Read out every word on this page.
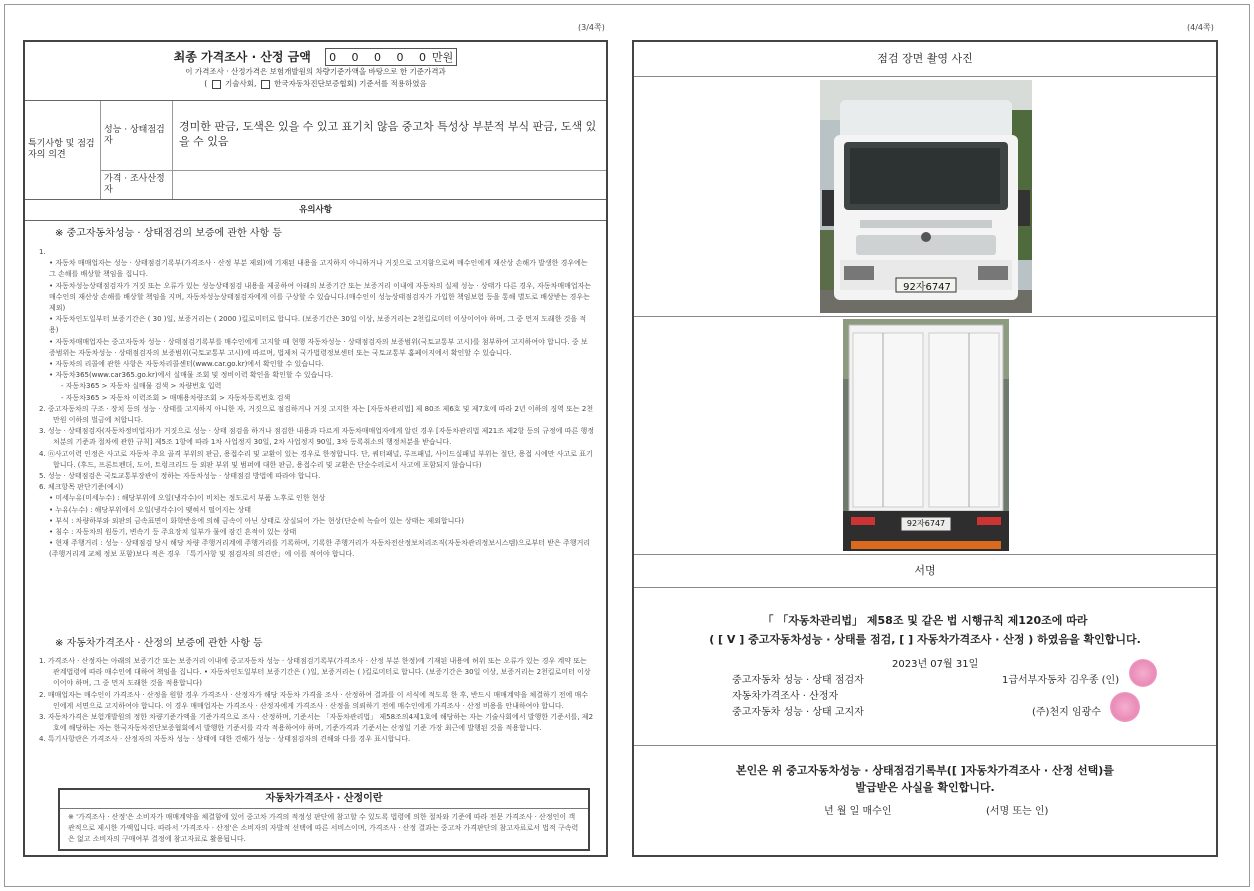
(3/4쪽)	(4/4쪽)
최종 가격조사 · 산정 금액 0 0 0 0 0만원
이 가격조사 · 산정가격은 보험개발원의 차량기준가액을 바탕으로 한 기준가격과
( 기술사회, 한국자동차진단보증협회) 기준서를 적용하였음
특기사항 및 점검자의 의견
성능 · 상태점검자
경미한 판금, 도색은 있을 수 있고 표기치 않음 중고차 특성상 부분적 부식 판금, 도색 있을 수 있음
가격 · 조사산정자
유의사항
※ 중고자동차성능 · 상태점검의 보증에 관한 사항 등

1.

• 자동차 매매업자는 성능 · 상태점검기록부(가격조사 · 산정 부분 제외)에 기재된 내용을 고지하지 아니하거나 거짓으로 고지함으로써 매수인에게 재산상 손해가 발생한 경우에는 그 손해를 배상할 책임을 집니다.

• 자동차성능상태점검자가 거짓 또는 오류가 있는 성능상태점검 내용을 제공하여 아래의 보증기간 또는 보증거리 이내에 자동차의 실제 성능 · 상태가 다른 경우, 자동차매매업자는 매수인의 재산상 손해를 배상할 책임을 지며, 자동차성능상태점검자에게 이를 구상할 수 있습니다.(매수인이 성능상태점검자가 가입한 책임보험 등을 통해 별도로 배상받는 경우는 제외)

• 자동차인도일부터 보증기간은 ( 30 )일, 보증거리는 ( 2000 )킬로미터로 합니다. (보증기간은 30일 이상, 보증거리는 2천킬로미터 이상이어야 하며, 그 중 먼저 도래한 것을 적용)

• 자동차매매업자는 중고자동차 성능 · 상태점검기록부를 매수인에게 고지할 때 현행 자동차성능 · 상태점검자의 보증범위(국토교통부 고시)를 첨부하여 고지하여야 합니다. 중 보증범위는 자동차성능 · 상태점검자의 보증범위(국토교통부 고시)에 따르며, 법제처 국가법령정보센터 또는 국토교통부 홈페이지에서 확인할 수 있습니다.

• 자동차의 리콜에 관한 사항은 자동차리콜센터(www.car.go.kr)에서 확인할 수 있습니다.

• 자동차365(www.car365.go.kr)에서 실매물 조회 및 정비이력 확인을 확인할 수 있습니다.

- 자동차365 > 자동차 실매물 검색 > 차량번호 입력

- 자동차365 > 자동차 이력조회 > 매매용차량조회 > 자동차등록번호 검색

2. 중고자동차의 구조 · 장치 등의 성능 · 상태를 고지하지 아니한 자, 거짓으로 점검하거나 거짓 고지한 자는 [자동차관리법] 제 80조 제6호 및 제7호에 따라 2년 이하의 징역 또는 2천만원 이하의 벌금에 처합니다.

3. 성능 · 상태점검자(자동차정비업자)가 거짓으로 성능 · 상태 점검을 하거나 점검한 내용과 다르게 자동차매매업자에게 알린 경우 [자동차관리법 제21조 제2항 등의 규정에 따른 행정처분의 기준과 절차에 관한 규칙] 제5조 1항에 따라 1차 사업정지 30일, 2차 사업정지 90일, 3차 등록취소의 행정처분을 받습니다.

4. ⓝ사고이력 인정은 사고로 자동차 주요 골격 부위의 판금, 용접수리 및 교환이 있는 경우로 한정합니다. 단, 쿼터패널, 루프패널, 사이드실패널 부위는 절단, 용접 시에만 사고로 표기합니다. (후드, 프론트펜더, 도어, 트렁크리드 등 외판 부위 및 범퍼에 대한 판금, 용접수리 및 교환은 단순수리로서 사고에 포함되지 않습니다)

5. 성능 · 상태점검은 국토교통부장관이 정하는 자동차성능 · 상태점검 방법에 따라야 합니다.

6. 체크항목 판단기준(예시)

• 미세누유(미세누수) : 해당부위에 오일(냉각수)이 비치는 정도로서 부품 노후로 인한 현상

• 누유(누수) : 해당부위에서 오일(냉각수)이 맺혀서 떨어지는 상태

• 부식 : 차량하부와 외판의 금속표면이 화학반응에 의해 금속이 아닌 상태로 상실되어 가는 현상(단순히 녹슬어 있는 상태는 제외합니다)

• 침수 : 자동차의 원동기, 변속기 등 주요장치 일부가 물에 잠긴 흔적이 있는 상태

• 현재 주행거리 : 성능 · 상태점검 당시 해당 차량 주행거리계에 주행거리를 기록하며, 기록한 주행거리가 자동차전산정보처리조직(자동차관리정보시스템)으로부터 받은 주행거리(주행거리계 교체 정보 포함)보다 적은 경우 「특기사항 및 점검자의 의견란」에 이를 적어야 합니다.

※ 자동차가격조사 · 산정의 보증에 관한 사항 등

1. 가격조사 · 산정자는 아래의 보증기간 또는 보증거리 이내에 중고자동차 성능 · 상태점검기록부(가격조사 · 산정 부분 한정)에 기재된 내용에 허위 또는 오류가 있는 경우 계약 또는 관계법령에 따라 매수인에 대하여 책임을 집니다. • 자동차인도일부터 보증기간은 ( )일, 보증거리는 ( )킬로미터로 합니다. (보증기간은 30일 이상, 보증거리는 2천킬로미터 이상이어야 하며, 그 중 먼저 도래한 것을 적용합니다)

2. 매매업자는 매수인이 가격조사 · 산정을 원할 경우 가격조사 · 산정자가 해당 자동차 가격을 조사 · 산정하여 결과를 이 서식에 적도록 한 후, 반드시 매매계약을 체결하기 전에 매수인에게 서면으로 고지하여야 합니다. 이 경우 매매업자는 가격조사 · 산정자에게 가격조사 · 산정을 의뢰하기 전에 매수인에게 가격조사 · 산정 비용을 안내하여야 합니다.

3. 자동차가격은 보험개발원의 정한 차량기준가액을 기준가격으로 조사 · 산정하며, 기준서는 「자동차관리법」 제58조의4제1호에 해당하는 자는 기술사회에서 발행한 기준서를, 제2호에 해당하는 자는 한국자동차진단보증협회에서 발행한 기준서를 각각 적용하여야 하며, 기준가격과 기준서는 산정일 기준 가장 최근에 발행된 것을 적용합니다.

4. 특기사항란은 가격조사 · 산정자의 자동차 성능 · 상태에 대한 견해가 성능 · 상태점검자의 견해와 다를 경우 표시합니다.

자동차가격조사 · 산정이란
※ '가격조사 · 산정'은 소비자가 매매계약을 체결함에 있어 중고차 가격의 적정성 판단에 참고할 수 있도록 법령에 의한 절차와 기준에 따라 전문 가격조사 · 산정인이 객관적으로 제시한 가액입니다. 따라서 '가격조사 · 산정'은 소비자의 자발적 선택에 따른 서비스이며, 가격조사 · 산정 결과는 중고차 가격판단의 참고자료로서 법적 구속력은 없고 소비자의 구매여부 결정에 참고자료로 활용됩니다.
점검 장면 촬영 사진
92자6747
92자6747
서명
「 「자동차관리법」 제58조 및 같은 법 시행규칙 제120조에 따라
( [ V ] 중고자동차성능 · 상태를 점검, [ ] 자동차가격조사 · 산정 ) 하였음을 확인합니다.
2023년 07월 31일
중고자동차 성능 · 상태 점검자	1급서부자동차 김우종 (인)
자동차가격조사 · 산정자
중고자동차 성능 · 상태 고지자	(주)천지 임광수
본인은 위 중고자동차성능 · 상태점검기록부([ ]자동차가격조사 · 산정 선택)를
발급받은 사실을 확인합니다.
년 월 일 매수인	(서명 또는 인)
